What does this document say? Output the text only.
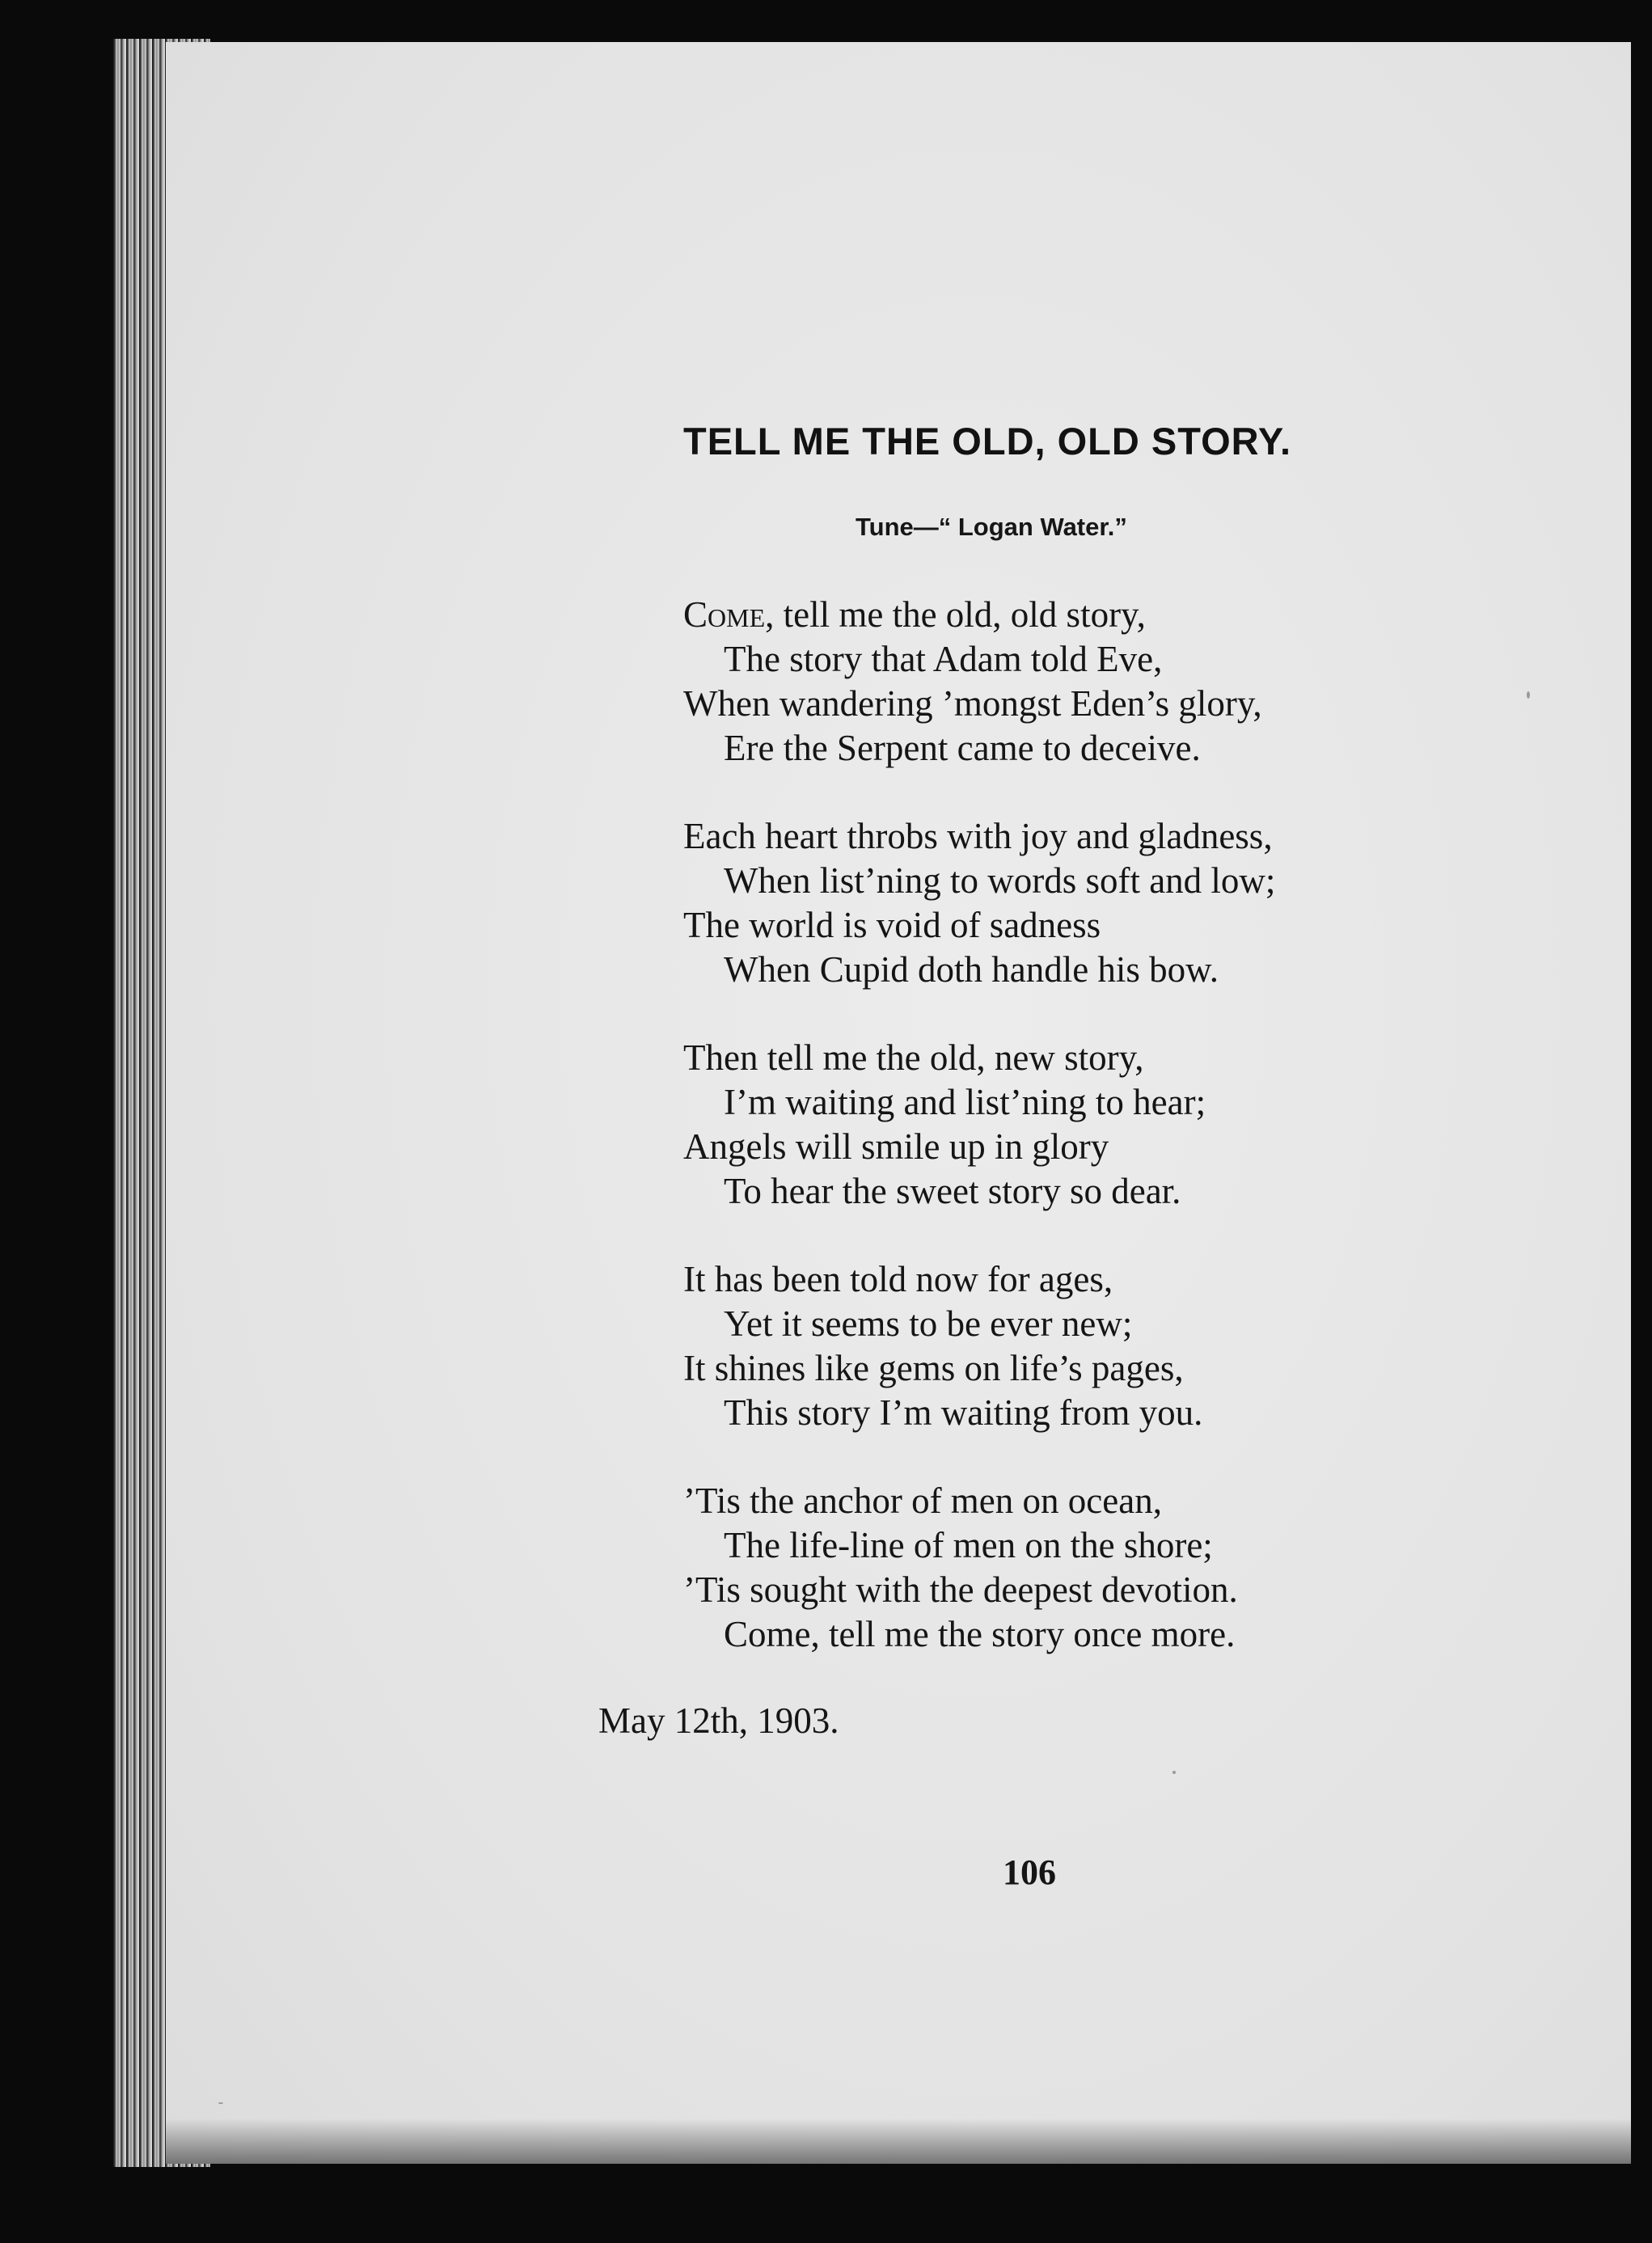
TELL ME THE OLD, OLD STORY.

Tune—“ Logan Water.”

Come, tell me the old, old story,
The story that Adam told Eve,
When wandering ’mongst Eden’s glory,
Ere the Serpent came to deceive.
Each heart throbs with joy and gladness,
When list’ning to words soft and low;
The world is void of sadness
When Cupid doth handle his bow.
Then tell me the old, new story,
I’m waiting and list’ning to hear;
Angels will smile up in glory
To hear the sweet story so dear.
It has been told now for ages,
Yet it seems to be ever new;
It shines like gems on life’s pages,
This story I’m waiting from you.
’Tis the anchor of men on ocean,
The life-line of men on the shore;
’Tis sought with the deepest devotion.
Come, tell me the story once more.

May 12th, 1903.

106
